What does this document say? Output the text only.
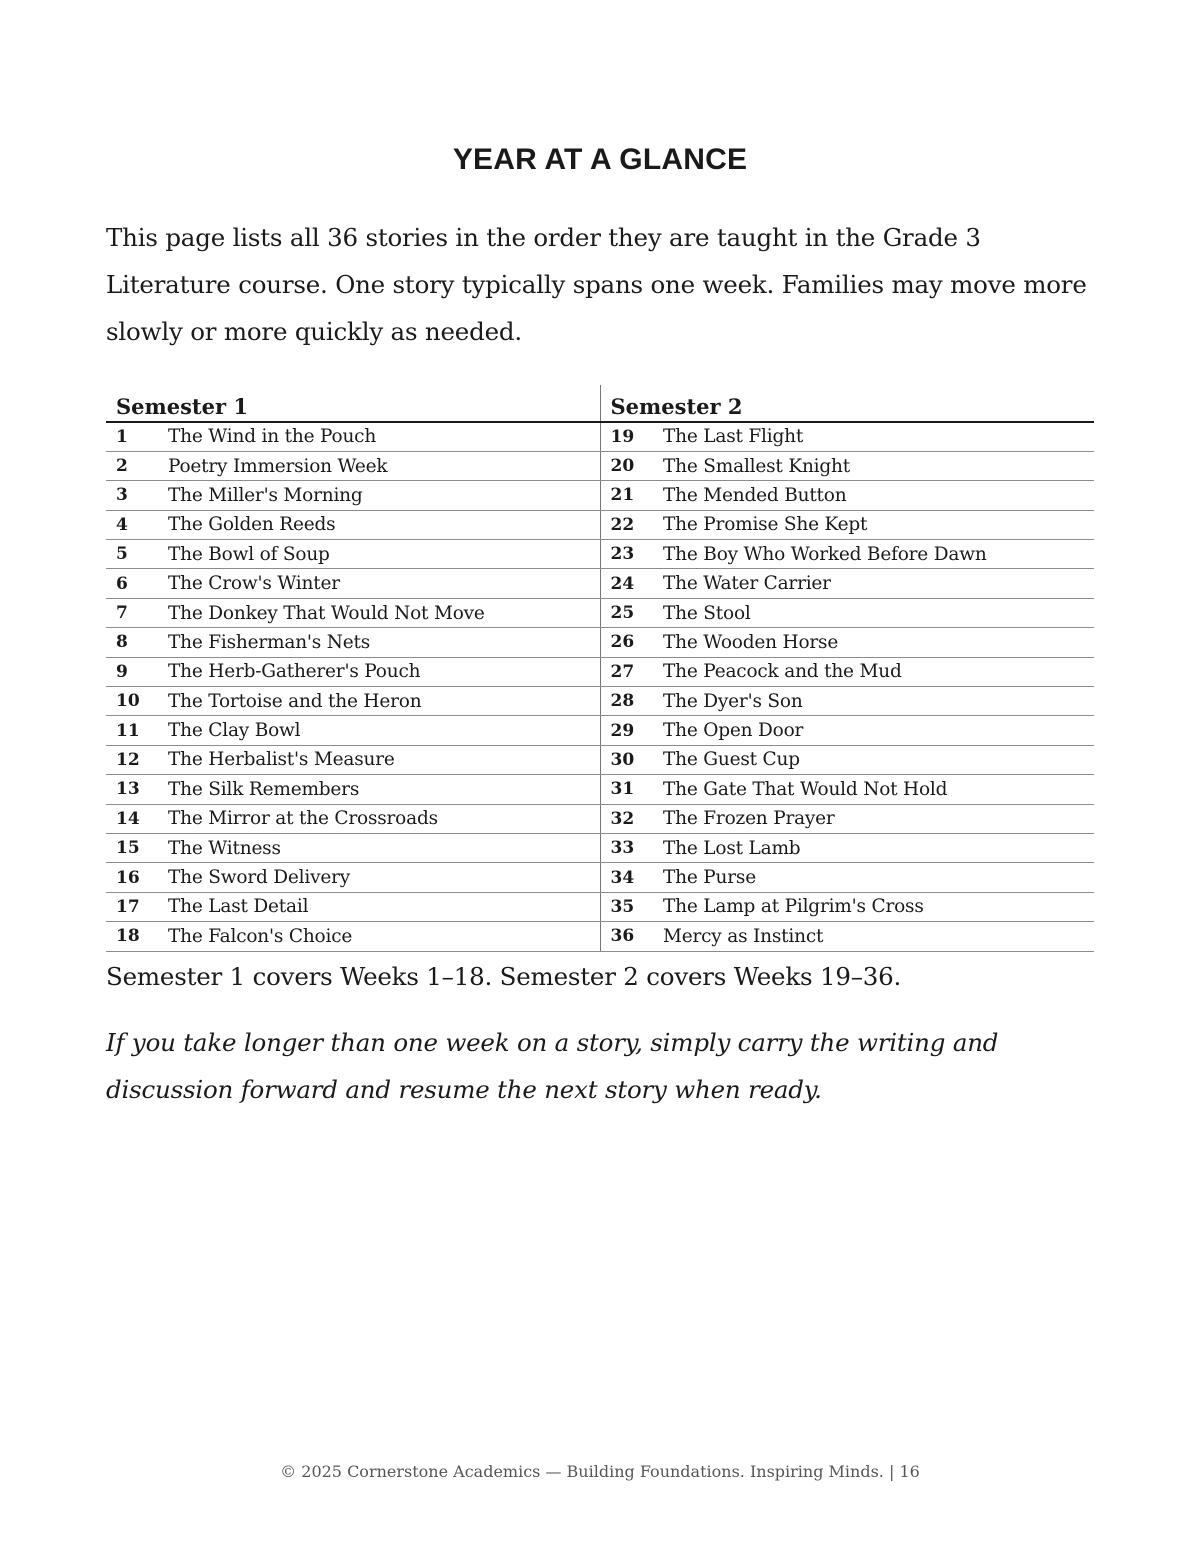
YEAR AT A GLANCE

This page lists all 36 stories in the order they are taught in the Grade 3 Literature course. One story typically spans one week. Families may move more slowly or more quickly as needed.

Semester 1		Semester 2	
1	The Wind in the Pouch	19	The Last Flight
2	Poetry Immersion Week	20	The Smallest Knight
3	The Miller's Morning	21	The Mended Button
4	The Golden Reeds	22	The Promise She Kept
5	The Bowl of Soup	23	The Boy Who Worked Before Dawn
6	The Crow's Winter	24	The Water Carrier
7	The Donkey That Would Not Move	25	The Stool
8	The Fisherman's Nets	26	The Wooden Horse
9	The Herb-Gatherer's Pouch	27	The Peacock and the Mud
10	The Tortoise and the Heron	28	The Dyer's Son
11	The Clay Bowl	29	The Open Door
12	The Herbalist's Measure	30	The Guest Cup
13	The Silk Remembers	31	The Gate That Would Not Hold
14	The Mirror at the Crossroads	32	The Frozen Prayer
15	The Witness	33	The Lost Lamb
16	The Sword Delivery	34	The Purse
17	The Last Detail	35	The Lamp at Pilgrim's Cross
18	The Falcon's Choice	36	Mercy as Instinct

Semester 1 covers Weeks 1–18. Semester 2 covers Weeks 19–36.

If you take longer than one week on a story, simply carry the writing and discussion forward and resume the next story when ready.

© 2025 Cornerstone Academics — Building Foundations. Inspiring Minds. | 16
